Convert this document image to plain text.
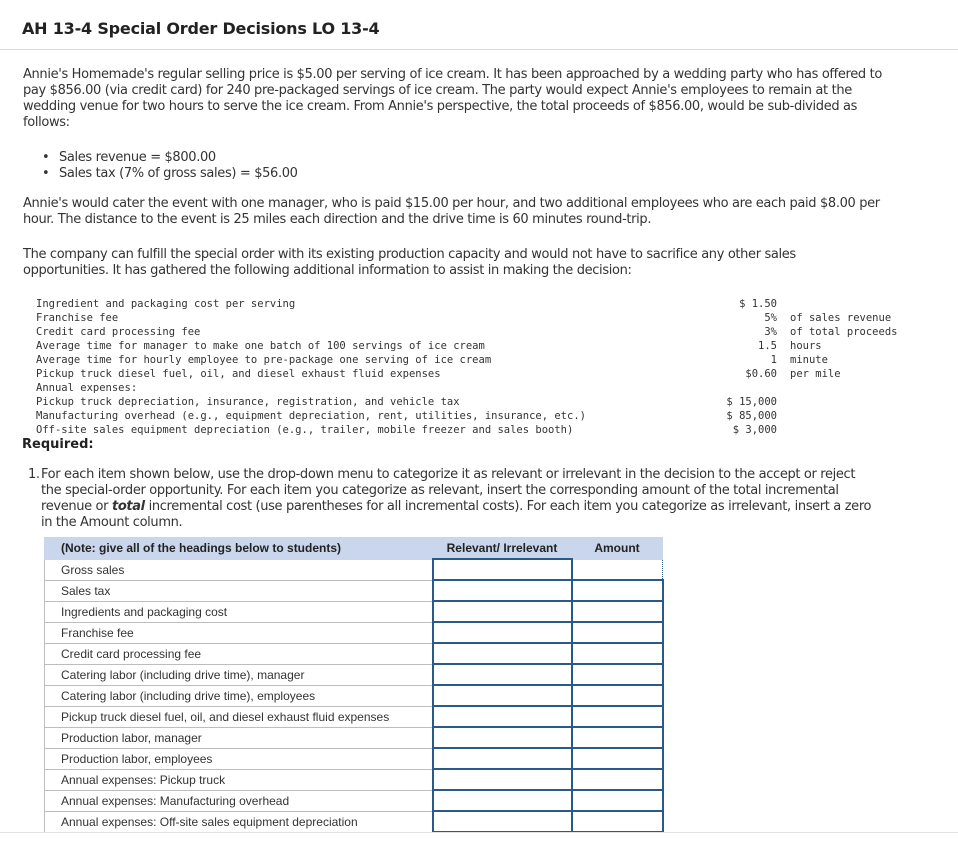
AH 13-4 Special Order Decisions LO 13-4
Annie's Homemade's regular selling price is $5.00 per serving of ice cream. It has been approached by a wedding party who has offered to pay $856.00 (via credit card) for 240 pre-packaged servings of ice cream. The party would expect Annie's employees to remain at the wedding venue for two hours to serve the ice cream. From Annie's perspective, the total proceeds of $856.00, would be sub-divided as follows:
• Sales revenue = $800.00
• Sales tax (7% of gross sales) = $56.00
Annie's would cater the event with one manager, who is paid $15.00 per hour, and two additional employees who are each paid $8.00 per hour. The distance to the event is 25 miles each direction and the drive time is 60 minutes round-trip.
The company can fulfill the special order with its existing production capacity and would not have to sacrifice any other sales opportunities. It has gathered the following additional information to assist in making the decision:
Ingredient and packaging cost per serving	$ 1.50
Franchise fee	5% of sales revenue
Credit card processing fee	3% of total proceeds
Average time for manager to make one batch of 100 servings of ice cream	1.5 hours
Average time for hourly employee to pre-package one serving of ice cream	1 minute
Pickup truck diesel fuel, oil, and diesel exhaust fluid expenses	$0.60 per mile
Annual expenses:
Pickup truck depreciation, insurance, registration, and vehicle tax	$ 15,000
Manufacturing overhead (e.g., equipment depreciation, rent, utilities, insurance, etc.)	$ 85,000
Off-site sales equipment depreciation (e.g., trailer, mobile freezer and sales booth)	$ 3,000
Required:
1. For each item shown below, use the drop-down menu to categorize it as relevant or irrelevant in the decision to the accept or reject the special-order opportunity. For each item you categorize as relevant, insert the corresponding amount of the total incremental revenue or total incremental cost (use parentheses for all incremental costs). For each item you categorize as irrelevant, insert a zero in the Amount column.
(Note: give all of the headings below to students)	Relevant/ Irrelevant	Amount
Gross sales		
Sales tax		
Ingredients and packaging cost		
Franchise fee		
Credit card processing fee		
Catering labor (including drive time), manager		
Catering labor (including drive time), employees		
Pickup truck diesel fuel, oil, and diesel exhaust fluid expenses		
Production labor, manager		
Production labor, employees		
Annual expenses: Pickup truck		
Annual expenses: Manufacturing overhead		
Annual expenses: Off-site sales equipment depreciation		
